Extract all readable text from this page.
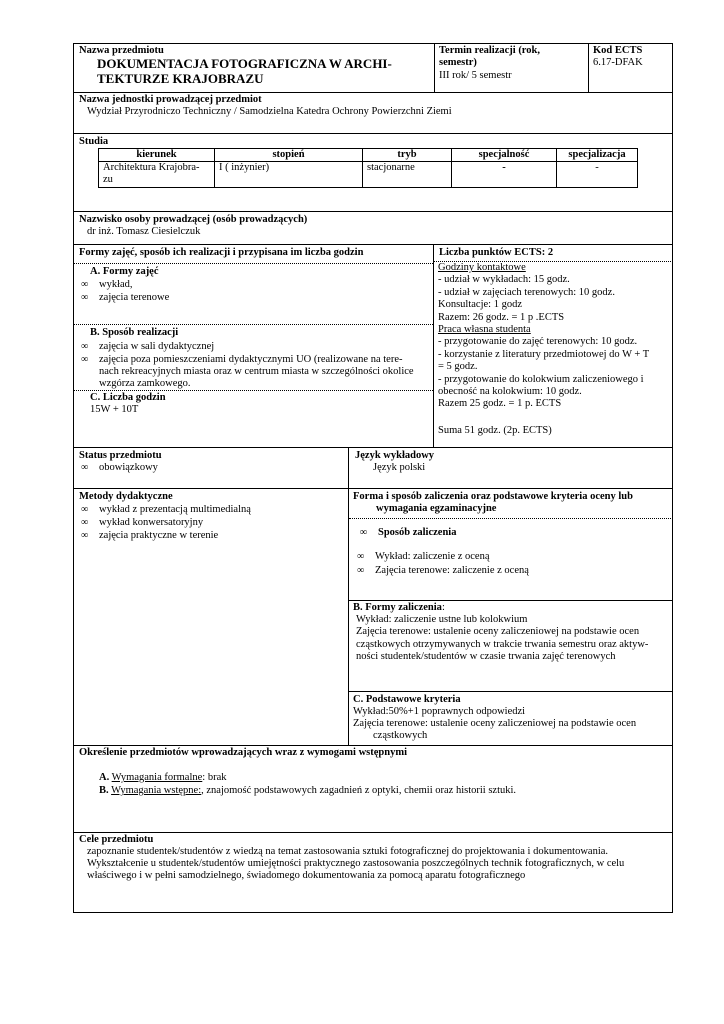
Nazwa przedmiotu
DOKUMENTACJA FOTOGRAFICZNA W ARCHI-
TEKTURZE KRAJOBRAZU
Termin realizacji (rok,
semestr)
III rok/ 5 semestr
Kod ECTS
6.17-DFAK
Nazwa jednostki prowadzącej przedmiot
Wydział Przyrodniczo Techniczny / Samodzielna Katedra Ochrony Powierzchni Ziemi
Studia
kierunek	stopień	tryb	specjalność	specjalizacja

Architektura Krajobra-
zu	I ( inżynier)	stacjonarne	-	-
Nazwisko osoby prowadzącej (osób prowadzących)
dr inż. Tomasz Ciesielczuk
Formy zajęć, sposób ich realizacji i przypisana im liczba godzin
A. Formy zajęć
∞ wykład,
∞ zajęcia terenowe
B. Sposób realizacji
∞ zajęcia w sali dydaktycznej
∞ zajęcia poza pomieszczeniami dydaktycznymi UO (realizowane na tere-
nach rekreacyjnych miasta oraz w centrum miasta w szczególności okolice
wzgórza zamkowego.
C. Liczba godzin
15W + 10T
Liczba punktów ECTS: 2
Godziny kontaktowe
- udział w wykładach: 15 godz.
- udział w zajęciach terenowych: 10 godz.
Konsultacje: 1 godz
Razem: 26 godz. = 1 p .ECTS
Praca własna studenta
- przygotowanie do zajęć terenowych: 10 godz.
- korzystanie z literatury przedmiotowej do W + T
= 5 godz.
- przygotowanie do kolokwium zaliczeniowego i
obecność na kolokwium: 10 godz.
Razem 25 godz. = 1 p. ECTS
Suma 51 godz. (2p. ECTS)
Status przedmiotu
∞ obowiązkowy
Język wykładowy
Język polski
Metody dydaktyczne
∞ wykład z prezentacją multimedialną
∞ wykład konwersatoryjny
∞ zajęcia praktyczne w terenie
Forma i sposób zaliczenia oraz podstawowe kryteria oceny lub
wymagania egzaminacyjne
∞ Sposób zaliczenia
∞ Wykład: zaliczenie z oceną
∞ Zajęcia terenowe: zaliczenie z oceną
B. Formy zaliczenia:
Wykład: zaliczenie ustne lub kolokwium
Zajęcia terenowe: ustalenie oceny zaliczeniowej na podstawie ocen
cząstkowych otrzymywanych w trakcie trwania semestru oraz aktyw-
ności studentek/studentów w czasie trwania zajęć terenowych
C. Podstawowe kryteria
Wykład:50%+1 poprawnych odpowiedzi
Zajęcia terenowe: ustalenie oceny zaliczeniowej na podstawie ocen
cząstkowych
Określenie przedmiotów wprowadzających wraz z wymogami wstępnymi
A. Wymagania formalne: brak
B. Wymagania wstępne:, znajomość podstawowych zagadnień z optyki, chemii oraz historii sztuki.
Cele przedmiotu
zapoznanie studentek/studentów z wiedzą na temat zastosowania sztuki fotograficznej do projektowania i dokumentowania.
Wykształcenie u studentek/studentów umiejętności praktycznego zastosowania poszczególnych technik fotograficznych, w celu
właściwego i w pełni samodzielnego, świadomego dokumentowania za pomocą aparatu fotograficznego
